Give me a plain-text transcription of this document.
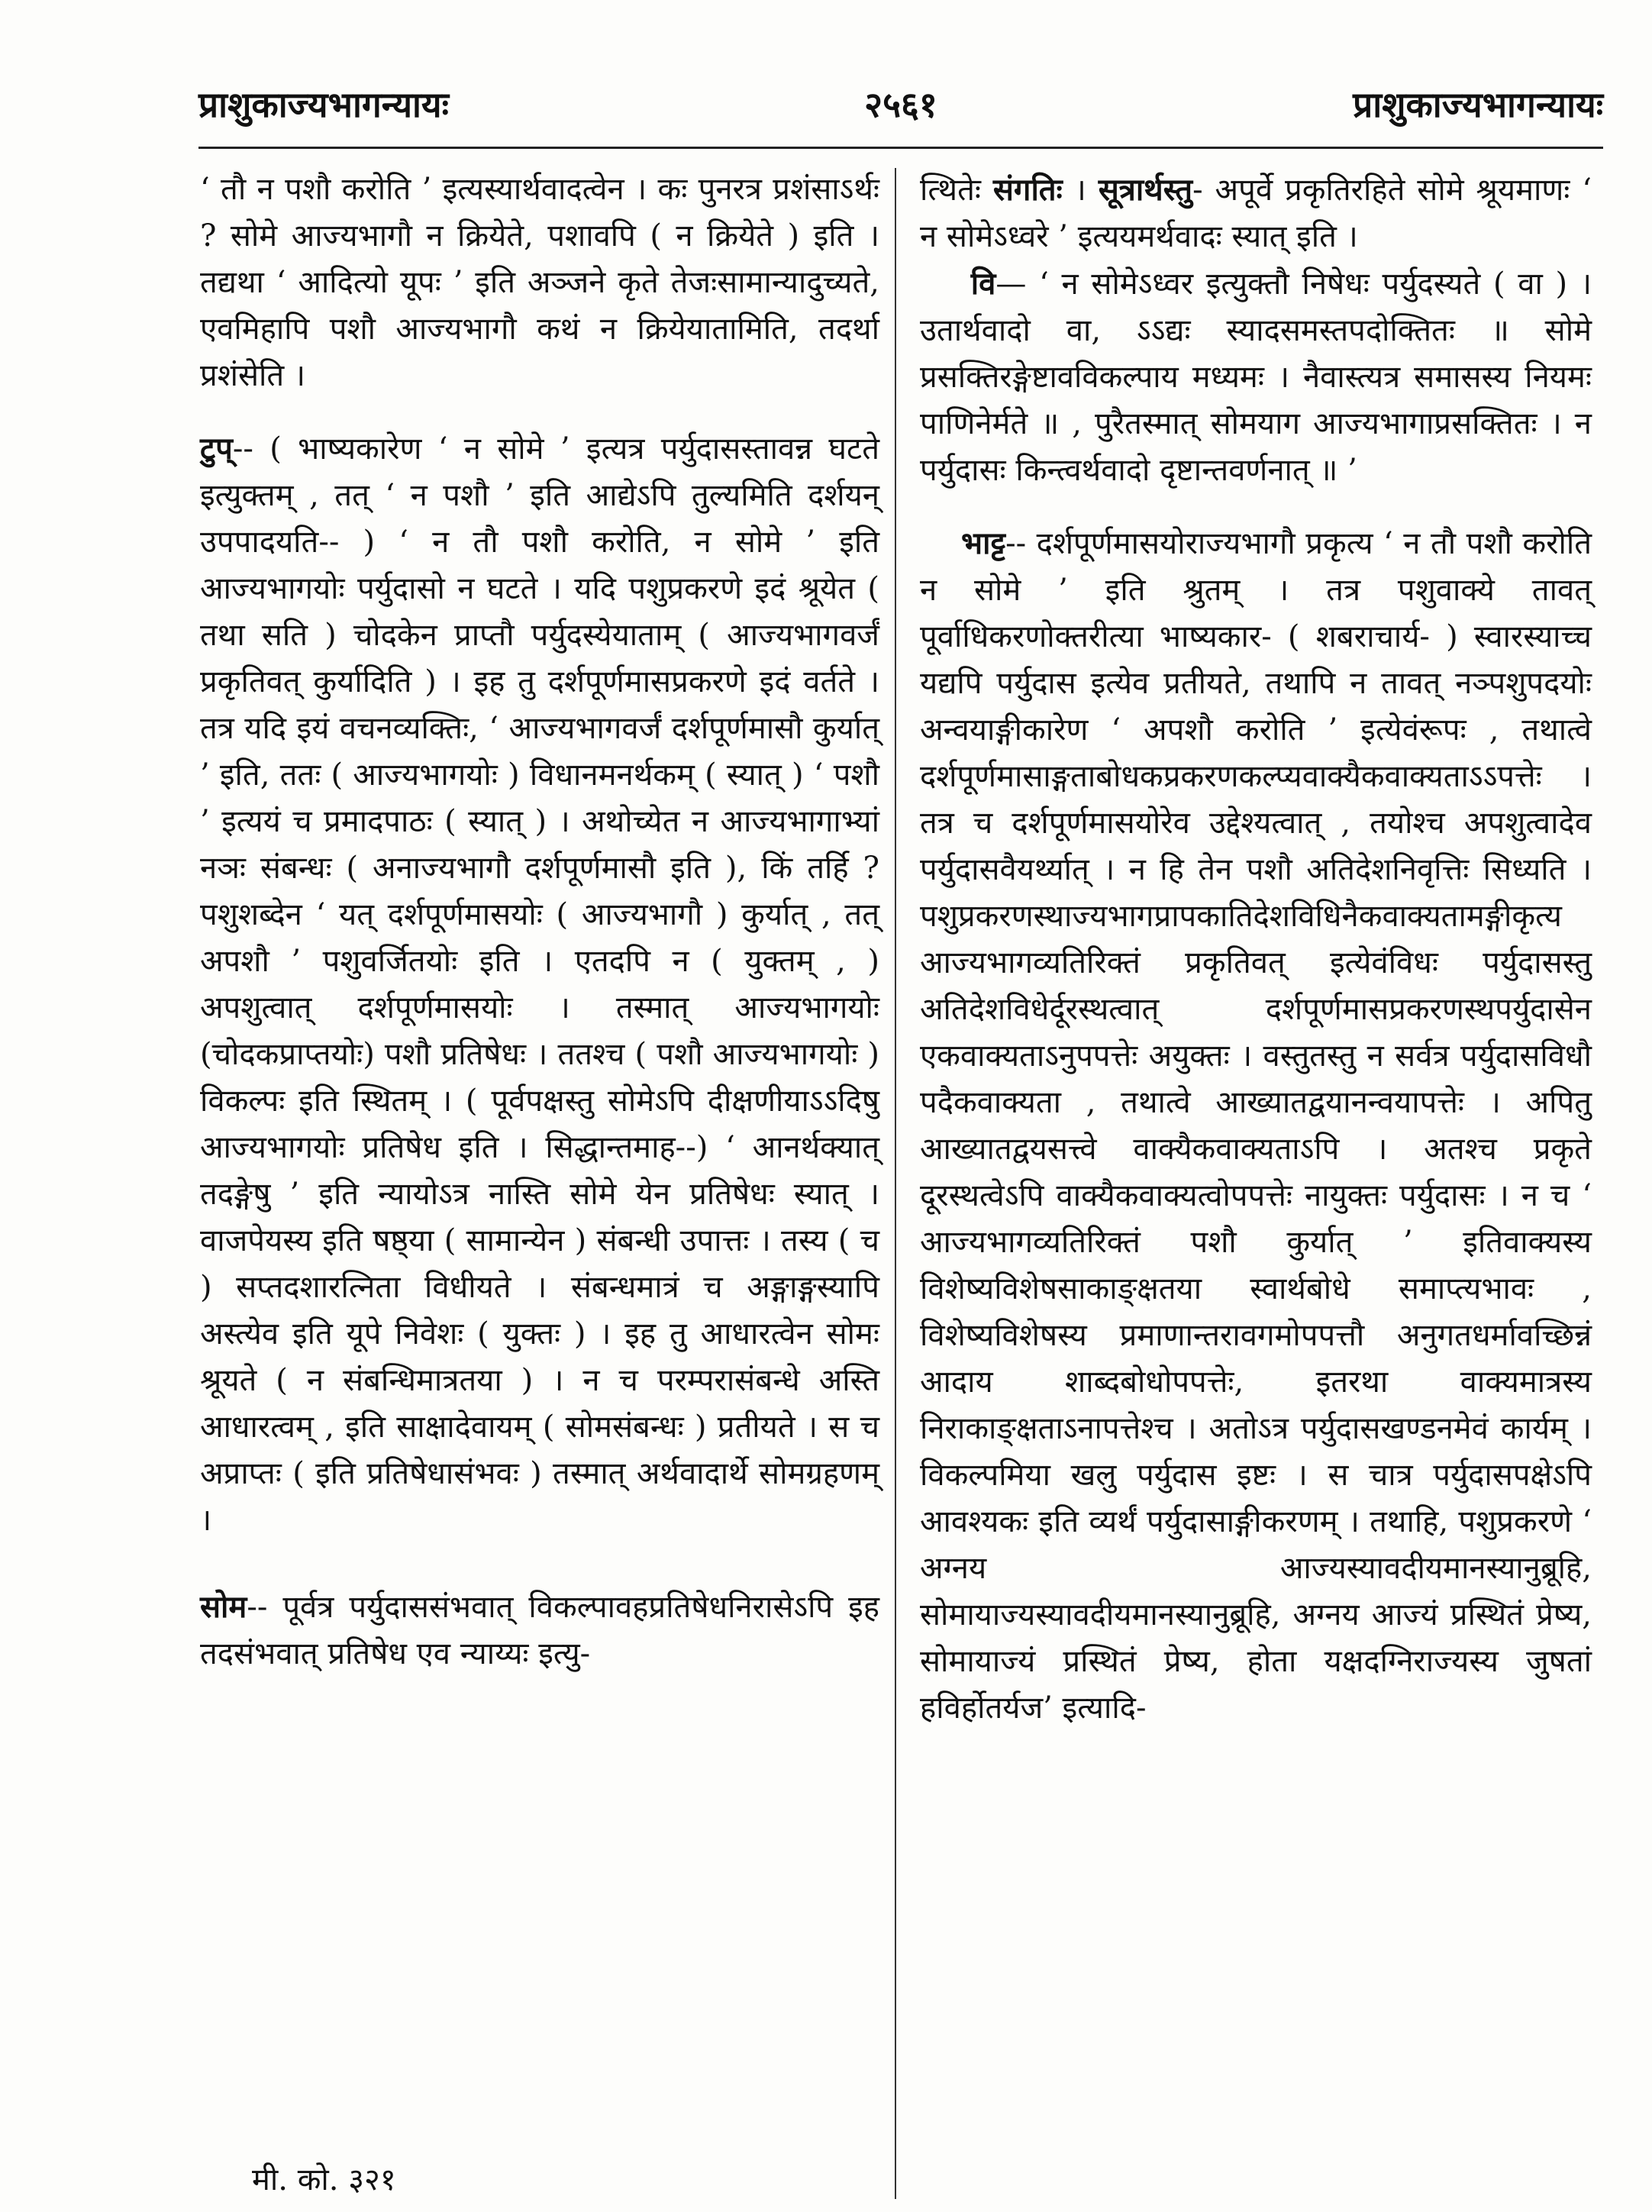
प्राशुकाज्यभागन्यायः	२५६१	प्राशुकाज्यभागन्यायः

‘ तौ न पशौ करोति ’ इत्यस्यार्थवादत्वेन । कः पुनरत्र प्रशंसाऽर्थः ? सोमे आज्यभागौ न क्रियेते, पशावपि ( न क्रियेते ) इति । तद्यथा ‘ आदित्यो यूपः ’ इति अञ्जने कृते तेजःसामान्यादुच्यते, एवमिहापि पशौ आज्यभागौ कथं न क्रियेयातामिति, तदर्था प्रशंसेति ।

टुप्-- ( भाष्यकारेण ‘ न सोमे ’ इत्यत्र पर्युदासस्तावन्न घटते इत्युक्तम् , तत् ‘ न पशौ ’ इति आद्येऽपि तुल्यमिति दर्शयन् उपपादयति-- ) ‘ न तौ पशौ करोति, न सोमे ’ इति आज्यभागयोः पर्युदासो न घटते । यदि पशुप्रकरणे इदं श्रूयेत ( तथा सति ) चोदकेन प्राप्तौ पर्युदस्येयाताम् ( आज्यभागवर्जं प्रकृतिवत् कुर्यादिति ) । इह तु दर्शपूर्णमासप्रकरणे इदं वर्तते । तत्र यदि इयं वचनव्यक्तिः, ‘ आज्यभागवर्जं दर्शपूर्णमासौ कुर्यात् ’ इति, ततः ( आज्यभागयोः ) विधानमनर्थकम् ( स्यात् ) ‘ पशौ ’ इत्ययं च प्रमादपाठः ( स्यात् ) । अथोच्येत न आज्यभागाभ्यां नञः संबन्धः ( अनाज्यभागौ दर्शपूर्णमासौ इति ), किं तर्हि ? पशुशब्देन ‘ यत् दर्शपूर्णमासयोः ( आज्यभागौ ) कुर्यात् , तत् अपशौ ’ पशुवर्जितयोः इति । एतदपि न ( युक्तम् , ) अपशुत्वात् दर्शपूर्णमासयोः । तस्मात् आज्यभागयोः (चोदकप्राप्तयोः) पशौ प्रतिषेधः । ततश्च ( पशौ आज्यभागयोः ) विकल्पः इति स्थितम् । ( पूर्वपक्षस्तु सोमेऽपि दीक्षणीयाऽऽदिषु आज्यभागयोः प्रतिषेध इति । सिद्धान्तमाह--) ‘ आनर्थक्यात् तदङ्गेषु ’ इति न्यायोऽत्र नास्ति सोमे येन प्रतिषेधः स्यात् । वाजपेयस्य इति षष्ठ्या ( सामान्येन ) संबन्धी उपात्तः । तस्य ( च ) सप्तदशारत्निता विधीयते । संबन्धमात्रं च अङ्गाङ्गस्यापि अस्त्येव इति यूपे निवेशः ( युक्तः ) । इह तु आधारत्वेन सोमः श्रूयते ( न संबन्धिमात्रतया ) । न च परम्परासंबन्धे अस्ति आधारत्वम् , इति साक्षादेवायम् ( सोमसंबन्धः ) प्रतीयते । स च अप्राप्तः ( इति प्रतिषेधासंभवः ) तस्मात् अर्थवादार्थे सोमग्रहणम् ।

सोम-- पूर्वत्र पर्युदाससंभवात् विकल्पावहप्रतिषेधनिरासेऽपि इह तदसंभवात् प्रतिषेध एव न्याय्यः इत्यु-

मी. को. ३२१

त्थितेः संगतिः । सूत्रार्थस्तु- अपूर्वे प्रकृतिरहिते सोमे श्रूयमाणः ‘ न सोमेऽध्वरे ’ इत्ययमर्थवादः स्यात् इति ।

वि— ‘ न सोमेऽध्वर इत्युक्तौ निषेधः पर्युदस्यते ( वा ) । उतार्थवादो वा, ऽऽद्यः स्यादसमस्तपदोक्तितः ॥ सोमे प्रसक्तिरङ्गेष्टावविकल्पाय मध्यमः । नैवास्त्यत्र समासस्य नियमः पाणिनेर्मते ॥ , पुरैतस्मात् सोमयाग आज्यभागाप्रसक्तितः । न पर्युदासः किन्त्वर्थवादो दृष्टान्तवर्णनात् ॥ ’

भाट्ट-- दर्शपूर्णमासयोराज्यभागौ प्रकृत्य ‘ न तौ पशौ करोति न सोमे ’ इति श्रुतम् । तत्र पशुवाक्ये तावत् पूर्वाधिकरणोक्तरीत्या भाष्यकार- ( शबराचार्य- ) स्वारस्याच्च यद्यपि पर्युदास इत्येव प्रतीयते, तथापि न तावत् नञ्पशुपदयोः अन्वयाङ्गीकारेण ‘ अपशौ करोति ’ इत्येवंरूपः , तथात्वे दर्शपूर्णमासाङ्गताबोधकप्रकरणकल्प्यवाक्यैकवाक्यताऽऽपत्तेः । तत्र च दर्शपूर्णमासयोरेव उद्देश्यत्वात् , तयोश्च अपशुत्वादेव पर्युदासवैयर्थ्यात् । न हि तेन पशौ अतिदेशनिवृत्तिः सिध्यति । पशुप्रकरणस्थाज्यभागप्रापकातिदेशविधिनैकवाक्यतामङ्गीकृत्य आज्यभागव्यतिरिक्तं प्रकृतिवत् इत्येवंविधः पर्युदासस्तु अतिदेशविधेर्दूरस्थत्वात् दर्शपूर्णमासप्रकरणस्थपर्युदासेन एकवाक्यताऽनुपपत्तेः अयुक्तः । वस्तुतस्तु न सर्वत्र पर्युदासविधौ पदैकवाक्यता , तथात्वे आख्यातद्वयानन्वयापत्तेः । अपितु आख्यातद्वयसत्त्वे वाक्यैकवाक्यताऽपि । अतश्च प्रकृते दूरस्थत्वेऽपि वाक्यैकवाक्यत्वोपपत्तेः नायुक्तः पर्युदासः । न च ‘ आज्यभागव्यतिरिक्तं पशौ कुर्यात् ’ इतिवाक्यस्य विशेष्यविशेषसाकाङ्क्षतया स्वार्थबोधे समाप्त्यभावः , विशेष्यविशेषस्य प्रमाणान्तरावगमोपपत्तौ अनुगतधर्मावच्छिन्नं आदाय शाब्दबोधोपपत्तेः, इतरथा वाक्यमात्रस्य निराकाङ्क्षताऽनापत्तेश्च । अतोऽत्र पर्युदासखण्डनमेवं कार्यम् । विकल्पमिया खलु पर्युदास इष्टः । स चात्र पर्युदासपक्षेऽपि आवश्यकः इति व्यर्थं पर्युदासाङ्गीकरणम् । तथाहि, पशुप्रकरणे ‘ अग्नय आज्यस्यावदीयमानस्यानुब्रूहि, सोमायाज्यस्यावदीयमानस्यानुब्रूहि, अग्नय आज्यं प्रस्थितं प्रेष्य, सोमायाज्यं प्रस्थितं प्रेष्य, होता यक्षदग्निराज्यस्य जुषतां हविर्होतर्यज’ इत्यादि-
